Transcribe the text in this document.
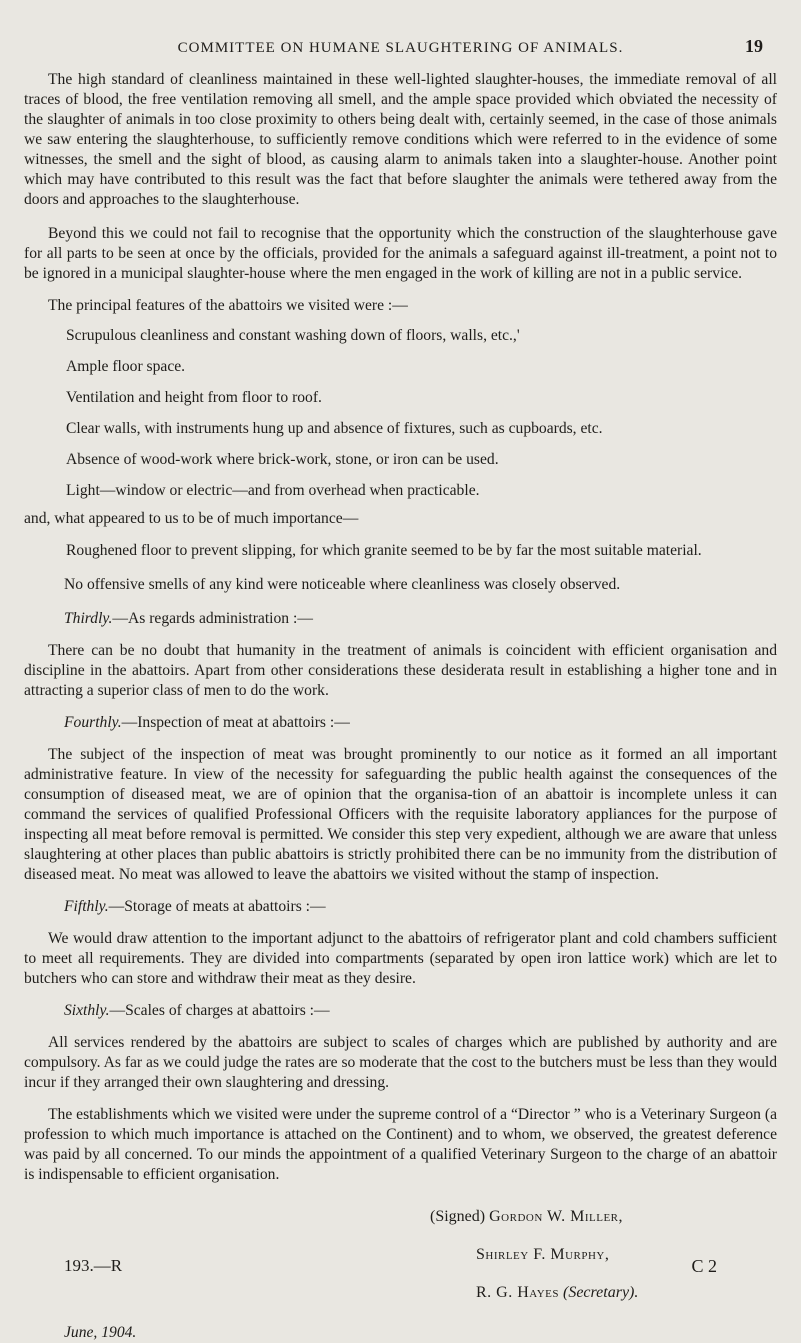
COMMITTEE ON HUMANE SLAUGHTERING OF ANIMALS.	19

The high standard of cleanliness maintained in these well-lighted slaughter-houses, the immediate removal of all traces of blood, the free ventilation removing all smell, and the ample space provided which obviated the necessity of the slaughter of animals in too close proximity to others being dealt with, certainly seemed, in the case of those animals we saw entering the slaughterhouse, to sufficiently remove conditions which were referred to in the evidence of some witnesses, the smell and the sight of blood, as causing alarm to animals taken into a slaughter-house. Another point which may have contributed to this result was the fact that before slaughter the animals were tethered away from the doors and approaches to the slaughterhouse.

Beyond this we could not fail to recognise that the opportunity which the construction of the slaughterhouse gave for all parts to be seen at once by the officials, provided for the animals a safeguard against ill-treatment, a point not to be ignored in a municipal slaughter-house where the men engaged in the work of killing are not in a public service.

The principal features of the abattoirs we visited were :—

Scrupulous cleanliness and constant washing down of floors, walls, etc.,'
Ample floor space.
Ventilation and height from floor to roof.
Clear walls, with instruments hung up and absence of fixtures, such as cupboards, etc.
Absence of wood-work where brick-work, stone, or iron can be used.
Light—window or electric—and from overhead when practicable.

and, what appeared to us to be of much importance—

Roughened floor to prevent slipping, for which granite seemed to be by far the most suitable material.

No offensive smells of any kind were noticeable where cleanliness was closely observed.

Thirdly.—As regards administration :—

There can be no doubt that humanity in the treatment of animals is coincident with efficient organisation and discipline in the abattoirs. Apart from other considerations these desiderata result in establishing a higher tone and in attracting a superior class of men to do the work.

Fourthly.—Inspection of meat at abattoirs :—

The subject of the inspection of meat was brought prominently to our notice as it formed an all important administrative feature. In view of the necessity for safeguarding the public health against the consequences of the consumption of diseased meat, we are of opinion that the organisa-tion of an abattoir is incomplete unless it can command the services of qualified Professional Officers with the requisite laboratory appliances for the purpose of inspecting all meat before removal is permitted. We consider this step very expedient, although we are aware that unless slaughtering at other places than public abattoirs is strictly prohibited there can be no immunity from the distribution of diseased meat. No meat was allowed to leave the abattoirs we visited without the stamp of inspection.

Fifthly.—Storage of meats at abattoirs :—

We would draw attention to the important adjunct to the abattoirs of refrigerator plant and cold chambers sufficient to meet all requirements. They are divided into compartments (separated by open iron lattice work) which are let to butchers who can store and withdraw their meat as they desire.

Sixthly.—Scales of charges at abattoirs :—

All services rendered by the abattoirs are subject to scales of charges which are published by authority and are compulsory. As far as we could judge the rates are so moderate that the cost to the butchers must be less than they would incur if they arranged their own slaughtering and dressing.

The establishments which we visited were under the supreme control of a “Director ” who is a Veterinary Surgeon (a profession to which much importance is attached on the Continent) and to whom, we observed, the greatest deference was paid by all concerned. To our minds the appointment of a qualified Veterinary Surgeon to the charge of an abattoir is indispensable to efficient organisation.

(Signed) Gordon W. Miller,
Shirley F. Murphy,
R. G. Hayes (Secretary).
June, 1904.
193.—R	C 2
